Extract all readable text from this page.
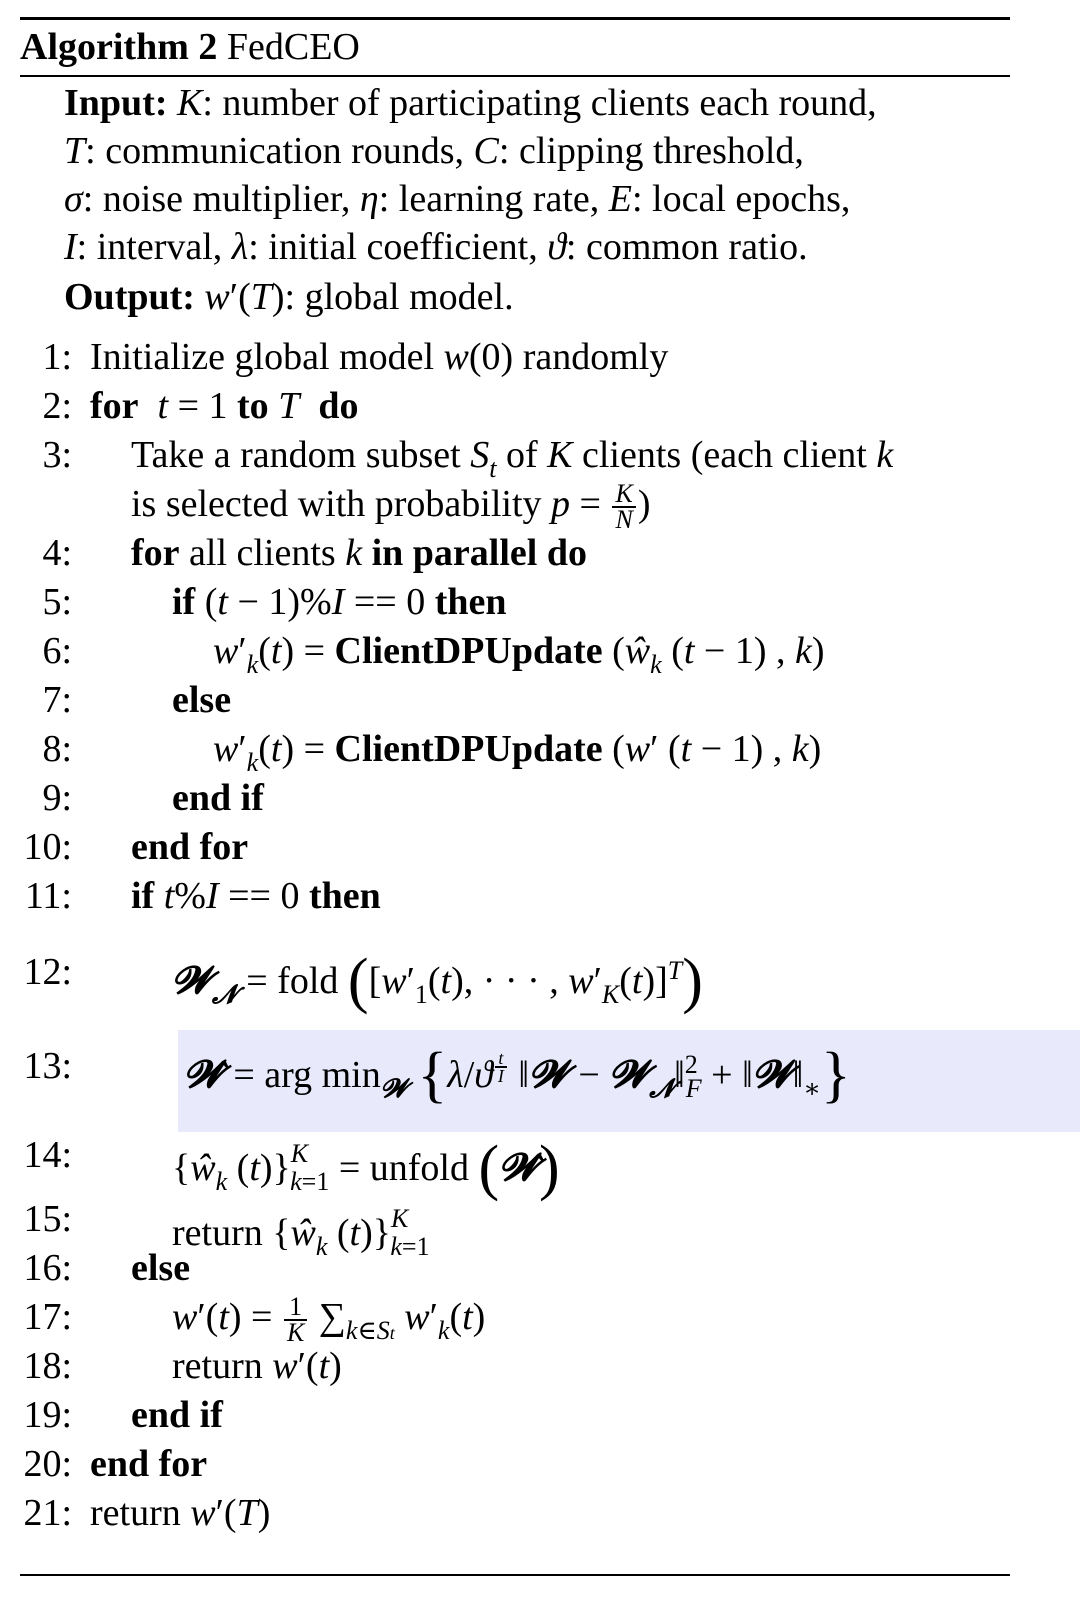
Algorithm 2 FedCEO
Input: K: number of participating clients each round,
T: communication rounds, C: clipping threshold,
σ: noise multiplier, η: learning rate, E: local epochs,
I: interval, λ: initial coefficient, ϑ: common ratio.
Output: w′(T): global model.
1: Initialize global model w(0) randomly
2: for t = 1 to T do
3: Take a random subset $S_t$ of K clients (each client k
is selected with probability $p = \frac{K}{N}$ )
4: for all clients k in parallel do
5:	if (t − 1)%I == 0 then
6:	$w'_k(t)$ = ClientDPUpdate ($ŵ_k$ (t − 1) , k)
7:	else
8:	$w'_k(t)$ = ClientDPUpdate (w′ (t − 1) , k)
9:	end if
10: end for
11: if t%I == 0 then
12:	𝓦$_𝓝$ = fold ([$w'_1(t)$, · · · , $w'_K(t)]^T$)
13:	𝓦̂ = arg $\min_𝓦 \{\lambda/ϑ$ $^{\frac{t}{I}}$ ‖𝓦 − 𝓦$_𝓝$‖$^2_F$ + $‖𝓦‖_∗$}
14:	{$ŵ_k$ (t)}$^K_{k=1}$ = unfold (𝓦̂)
15:	return {$ŵ_k$ (t)}$^K_{k=1}$
16: else
17:	$w'(t) = \frac{1}{K} \sum_{k\in St}$ $w'_k(t)$
18:	return w′(t)
19: end if
20: end for
21: return w′(T)
